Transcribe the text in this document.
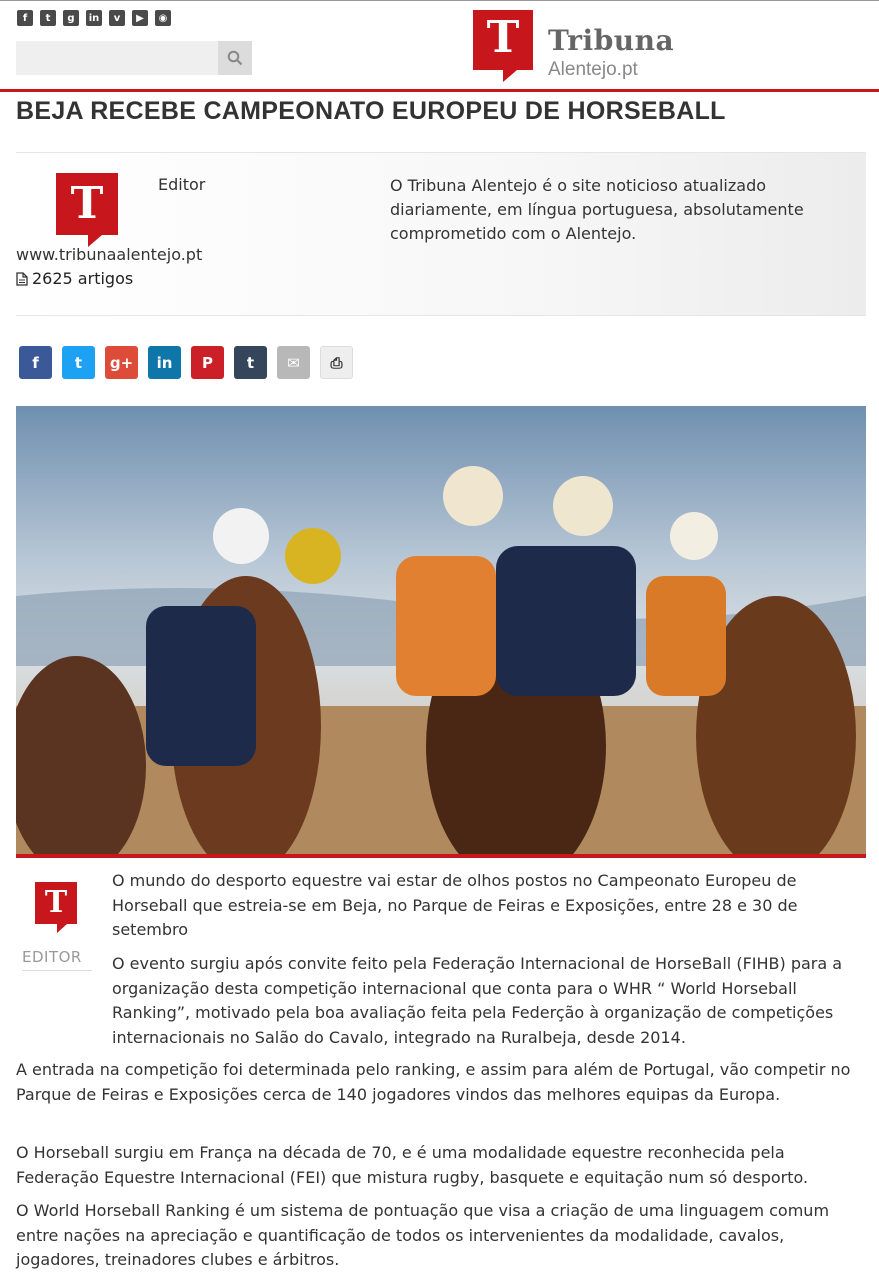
f	t	g	in	v	▶	◉	T	Tribuna
Alentejo.pt
BEJA RECEBE CAMPEONATO EUROPEU DE HORSEBALL
T	Editor
www.tribunaalentejo.pt
2625 artigos
O Tribuna Alentejo é o site noticioso atualizado diariamente, em língua portuguesa, absolutamente comprometido com o Alentejo.
f	t	g+	in	P	t	✉	⎙
T
EDITOR

O mundo do desporto equestre vai estar de olhos postos no Campeonato Europeu de Horseball que estreia-se em Beja, no Parque de Feiras e Exposições, entre 28 e 30 de setembro

O evento surgiu após convite feito pela Federação Internacional de HorseBall (FIHB) para a organização desta competição internacional que conta para o WHR “ World Horseball Ranking”, motivado pela boa avaliação feita pela Federção à organização de competições internacionais no Salão do Cavalo, integrado na Ruralbeja, desde 2014.

A entrada na competição foi determinada pelo ranking, e assim para além de Portugal, vão competir no Parque de Feiras e Exposições cerca de 140 jogadores vindos das melhores equipas da Europa.

O Horseball surgiu em França na década de 70, e é uma modalidade equestre reconhecida pela Federação Equestre Internacional (FEI) que mistura rugby, basquete e equitação num só desporto.

O World Horseball Ranking é um sistema de pontuação que visa a criação de uma linguagem comum entre nações na apreciação e quantificação de todos os intervenientes da modalidade, cavalos, jogadores, treinadores clubes e árbitros.
